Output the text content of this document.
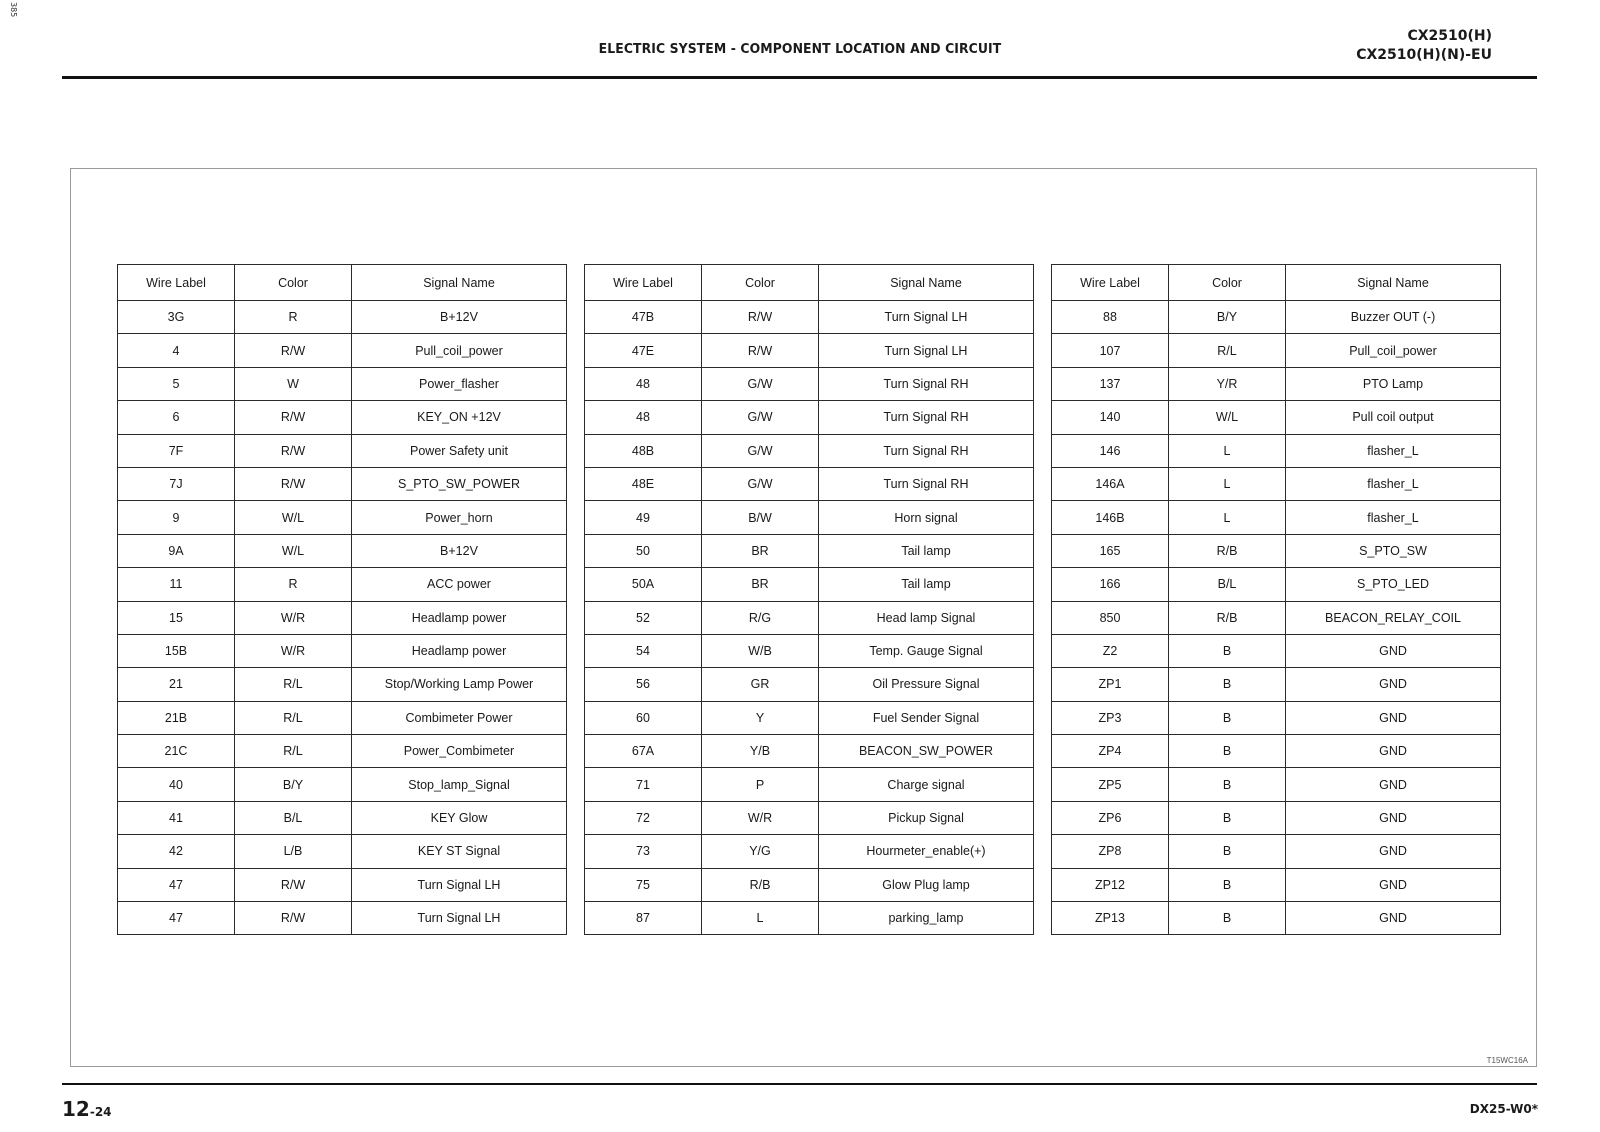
385
ELECTRIC SYSTEM - COMPONENT LOCATION AND CIRCUIT
CX2510(H)
CX2510(H)(N)-EU
Wire Label	Color	Signal Name
3G	R	B+12V
4	R/W	Pull_coil_power
5	W	Power_flasher
6	R/W	KEY_ON +12V
7F	R/W	Power Safety unit
7J	R/W	S_PTO_SW_POWER
9	W/L	Power_horn
9A	W/L	B+12V
11	R	ACC power
15	W/R	Headlamp power
15B	W/R	Headlamp power
21	R/L	Stop/Working Lamp Power
21B	R/L	Combimeter Power
21C	R/L	Power_Combimeter
40	B/Y	Stop_lamp_Signal
41	B/L	KEY Glow
42	L/B	KEY ST Signal
47	R/W	Turn Signal LH
47	R/W	Turn Signal LH
Wire Label	Color	Signal Name
47B	R/W	Turn Signal LH
47E	R/W	Turn Signal LH
48	G/W	Turn Signal RH
48	G/W	Turn Signal RH
48B	G/W	Turn Signal RH
48E	G/W	Turn Signal RH
49	B/W	Horn signal
50	BR	Tail lamp
50A	BR	Tail lamp
52	R/G	Head lamp Signal
54	W/B	Temp. Gauge Signal
56	GR	Oil Pressure Signal
60	Y	Fuel Sender Signal
67A	Y/B	BEACON_SW_POWER
71	P	Charge signal
72	W/R	Pickup Signal
73	Y/G	Hourmeter_enable(+)
75	R/B	Glow Plug lamp
87	L	parking_lamp
Wire Label	Color	Signal Name
88	B/Y	Buzzer OUT (-)
107	R/L	Pull_coil_power
137	Y/R	PTO Lamp
140	W/L	Pull coil output
146	L	flasher_L
146A	L	flasher_L
146B	L	flasher_L
165	R/B	S_PTO_SW
166	B/L	S_PTO_LED
850	R/B	BEACON_RELAY_COIL
Z2	B	GND
ZP1	B	GND
ZP3	B	GND
ZP4	B	GND
ZP5	B	GND
ZP6	B	GND
ZP8	B	GND
ZP12	B	GND
ZP13	B	GND
T15WC16A
12-24	DX25-W0*
